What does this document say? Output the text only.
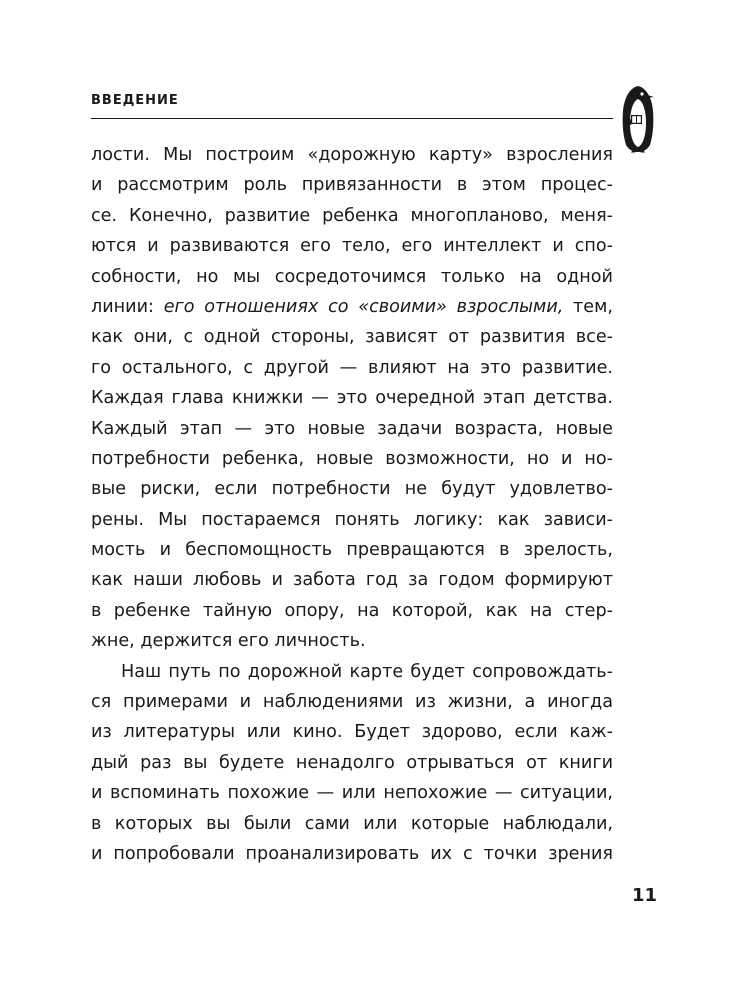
ВВЕДЕНИЕ
лости. Мы построим «дорожную карту» взросления
и рассмотрим роль привязанности в этом процес-
се. Конечно, развитие ребенка многопланово, меня-
ются и развиваются его тело, его интеллект и спо-
собности, но мы сосредоточимся только на одной
линии: его отношениях со «своими» взрослыми, тем,
как они, с одной стороны, зависят от развития все-
го остального, с другой — влияют на это развитие.
Каждая глава книжки — это очередной этап детства.
Каждый этап — это новые задачи возраста, новые
потребности ребенка, новые возможности, но и но-
вые риски, если потребности не будут удовлетво-
рены. Мы постараемся понять логику: как зависи-
мость и беспомощность превращаются в зрелость,
как наши любовь и забота год за годом формируют
в ребенке тайную опору, на которой, как на стер-
жне, держится его личность.
Наш путь по дорожной карте будет сопровождать-
ся примерами и наблюдениями из жизни, а иногда
из литературы или кино. Будет здорово, если каж-
дый раз вы будете ненадолго отрываться от книги
и вспоминать похожие — или непохожие — ситуации,
в которых вы были сами или которые наблюдали,
и попробовали проанализировать их с точки зрения
11
